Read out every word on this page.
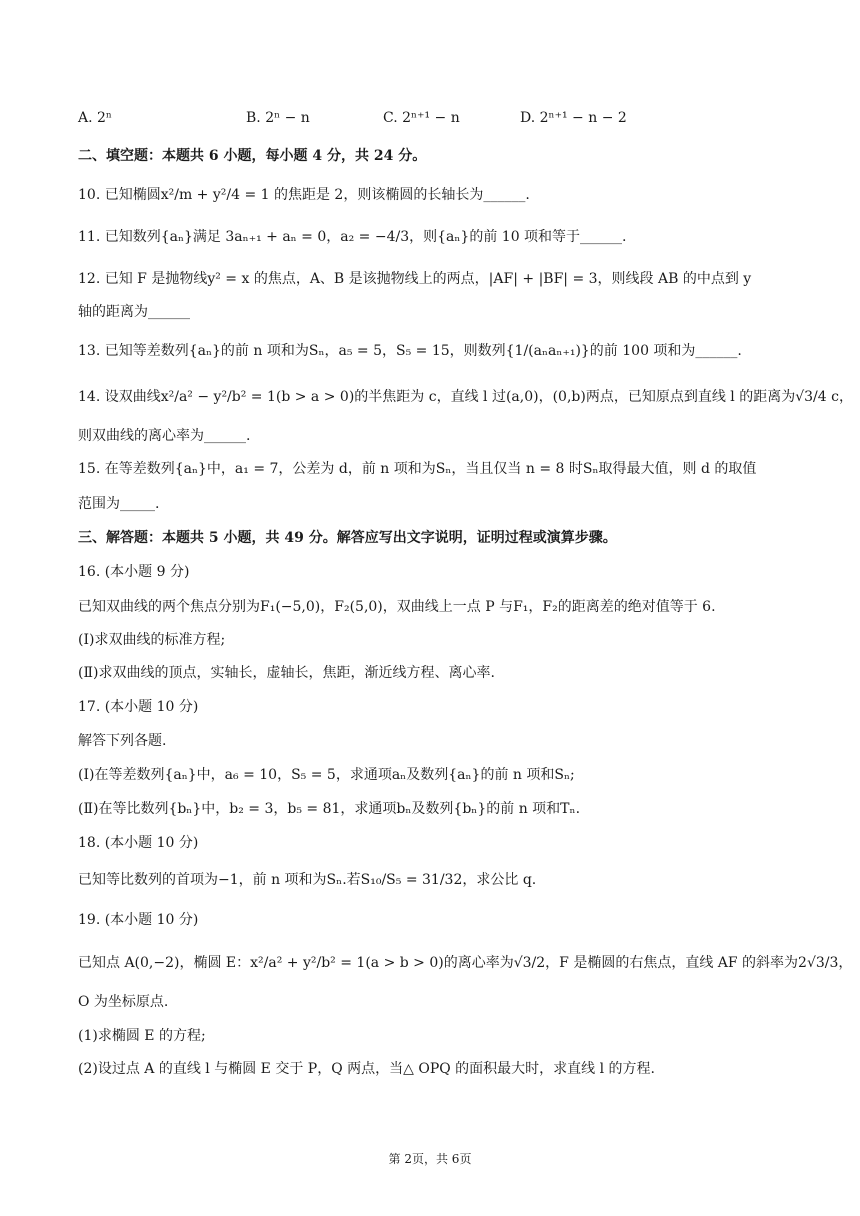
A. 2ⁿ	B. 2ⁿ − n	C. 2ⁿ⁺¹ − n	D. 2ⁿ⁺¹ − n − 2
二、填空题：本题共 6 小题，每小题 4 分，共 24 分。
10. 已知椭圆x²/m + y²/4 = 1 的焦距是 2，则该椭圆的长轴长为______.
11. 已知数列{aₙ}满足 3aₙ₊₁ + aₙ = 0，a₂ = −4/3，则{aₙ}的前 10 项和等于______.
12. 已知 F 是抛物线y² = x 的焦点，A、B 是该抛物线上的两点，|AF| + |BF| = 3，则线段 AB 的中点到 y
轴的距离为______
13. 已知等差数列{aₙ}的前 n 项和为Sₙ，a₅ = 5，S₅ = 15，则数列{1/(aₙaₙ₊₁)}的前 100 项和为______.
14. 设双曲线x²/a² − y²/b² = 1(b > a > 0)的半焦距为 c，直线 l 过(a,0)，(0,b)两点，已知原点到直线 l 的距离为√3/4 c，
则双曲线的离心率为______.
15. 在等差数列{aₙ}中，a₁ = 7，公差为 d，前 n 项和为Sₙ，当且仅当 n = 8 时Sₙ取得最大值，则 d 的取值
范围为_____.
三、解答题：本题共 5 小题，共 49 分。解答应写出文字说明，证明过程或演算步骤。
16. (本小题 9 分)
已知双曲线的两个焦点分别为F₁(−5,0)，F₂(5,0)，双曲线上一点 P 与F₁，F₂的距离差的绝对值等于 6.
(Ⅰ)求双曲线的标准方程;
(Ⅱ)求双曲线的顶点，实轴长，虚轴长，焦距，渐近线方程、离心率.
17. (本小题 10 分)
解答下列各题.
(Ⅰ)在等差数列{aₙ}中，a₆ = 10，S₅ = 5，求通项aₙ及数列{aₙ}的前 n 项和Sₙ;
(Ⅱ)在等比数列{bₙ}中，b₂ = 3，b₅ = 81，求通项bₙ及数列{bₙ}的前 n 项和Tₙ.
18. (本小题 10 分)
已知等比数列的首项为−1，前 n 项和为Sₙ.若S₁₀/S₅ = 31/32，求公比 q.
19. (本小题 10 分)
已知点 A(0,−2)，椭圆 E：x²/a² + y²/b² = 1(a > b > 0)的离心率为√3/2，F 是椭圆的右焦点，直线 AF 的斜率为2√3/3，
O 为坐标原点.
(1)求椭圆 E 的方程;
(2)设过点 A 的直线 l 与椭圆 E 交于 P，Q 两点，当△ OPQ 的面积最大时，求直线 l 的方程.
第 2页，共 6页
